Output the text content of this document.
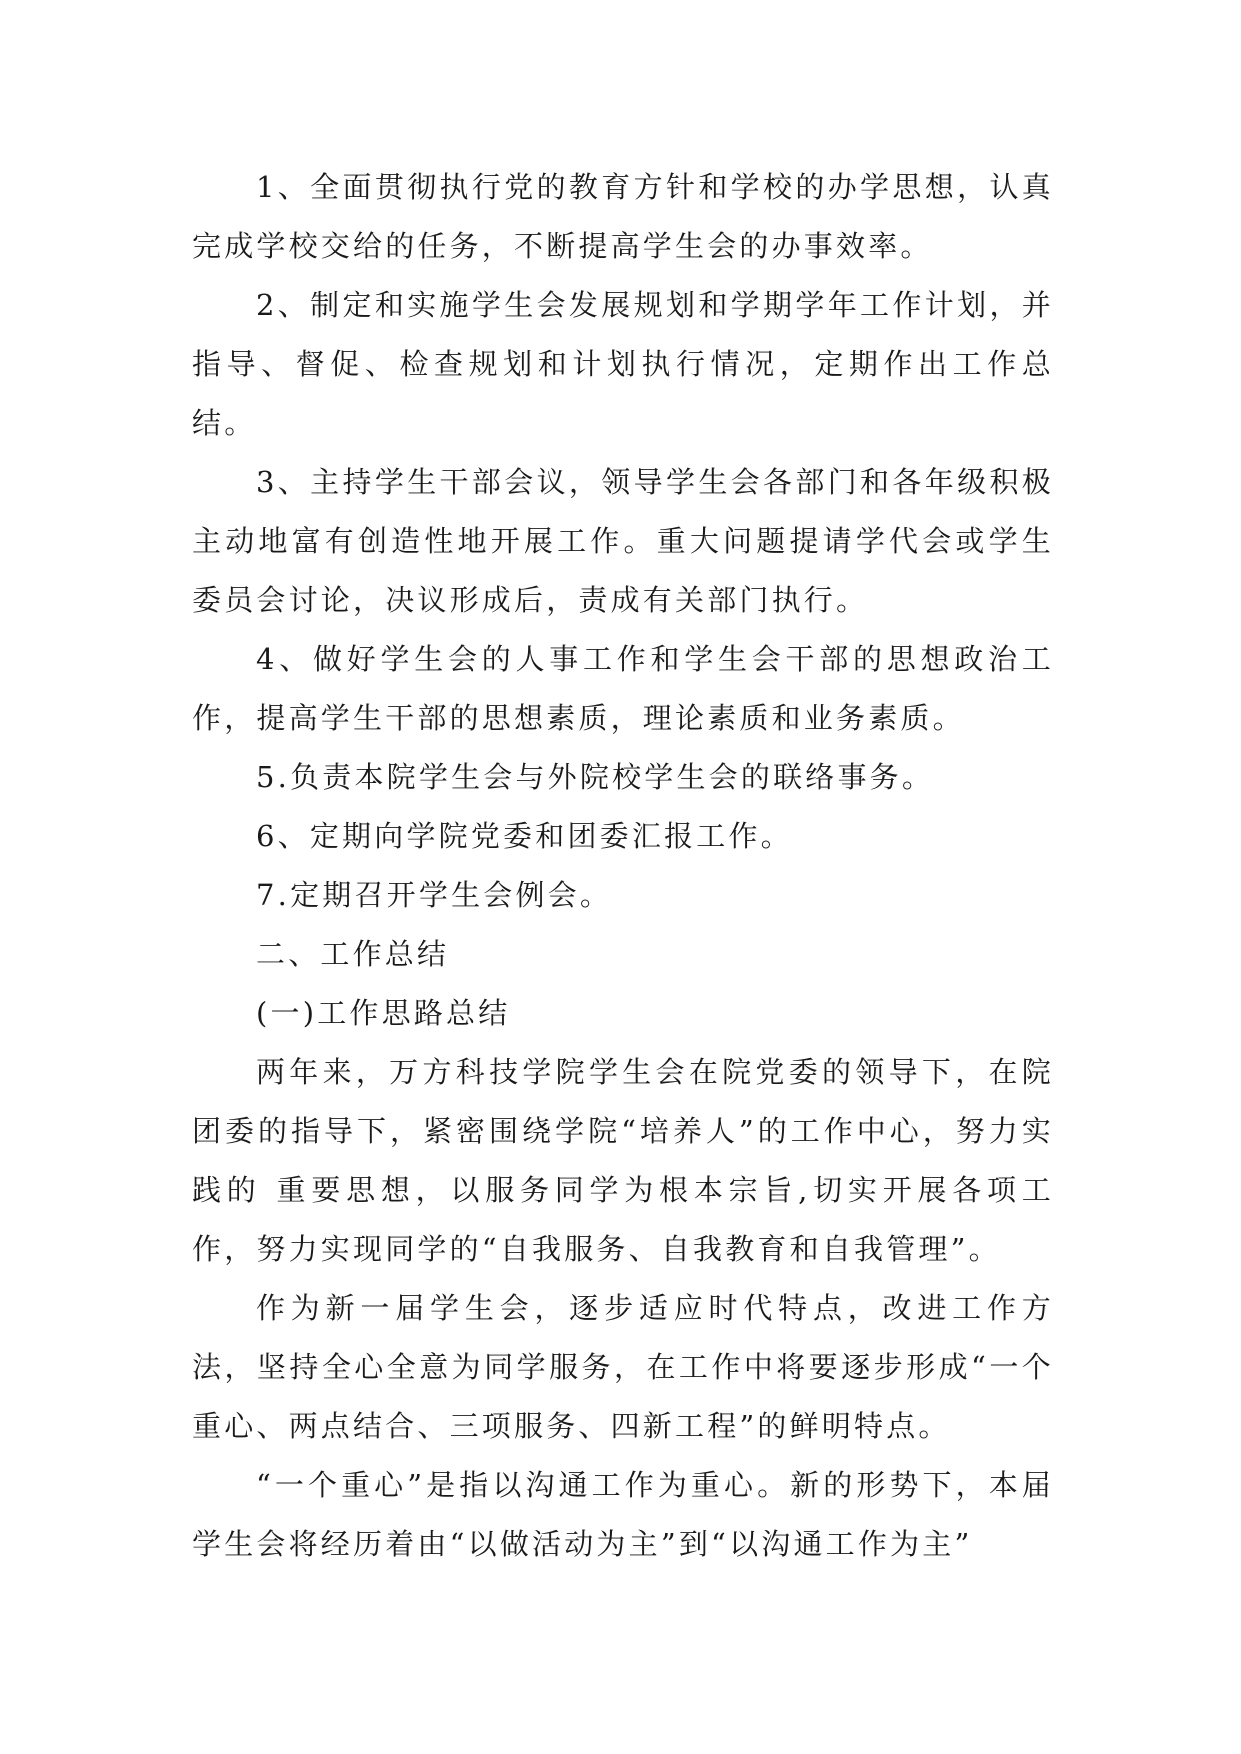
1、全面贯彻执行党的教育方针和学校的办学思想，认真完成学校交给的任务，不断提高学生会的办事效率。

2、制定和实施学生会发展规划和学期学年工作计划，并指导、督促、检查规划和计划执行情况，定期作出工作总结。

3、主持学生干部会议，领导学生会各部门和各年级积极主动地富有创造性地开展工作。重大问题提请学代会或学生委员会讨论，决议形成后，责成有关部门执行。

4、做好学生会的人事工作和学生会干部的思想政治工作，提高学生干部的思想素质，理论素质和业务素质。

5.负责本院学生会与外院校学生会的联络事务。

6、定期向学院党委和团委汇报工作。

7.定期召开学生会例会。

二、工作总结

(一)工作思路总结

两年来，万方科技学院学生会在院党委的领导下，在院团委的指导下，紧密围绕学院“培养人”的工作中心，努力实践的 重要思想，以服务同学为根本宗旨,切实开展各项工作，努力实现同学的“自我服务、自我教育和自我管理”。

作为新一届学生会，逐步适应时代特点，改进工作方法，坚持全心全意为同学服务，在工作中将要逐步形成“一个重心、两点结合、三项服务、四新工程”的鲜明特点。

“一个重心”是指以沟通工作为重心。新的形势下，本届学生会将经历着由“以做活动为主”到“以沟通工作为主”
